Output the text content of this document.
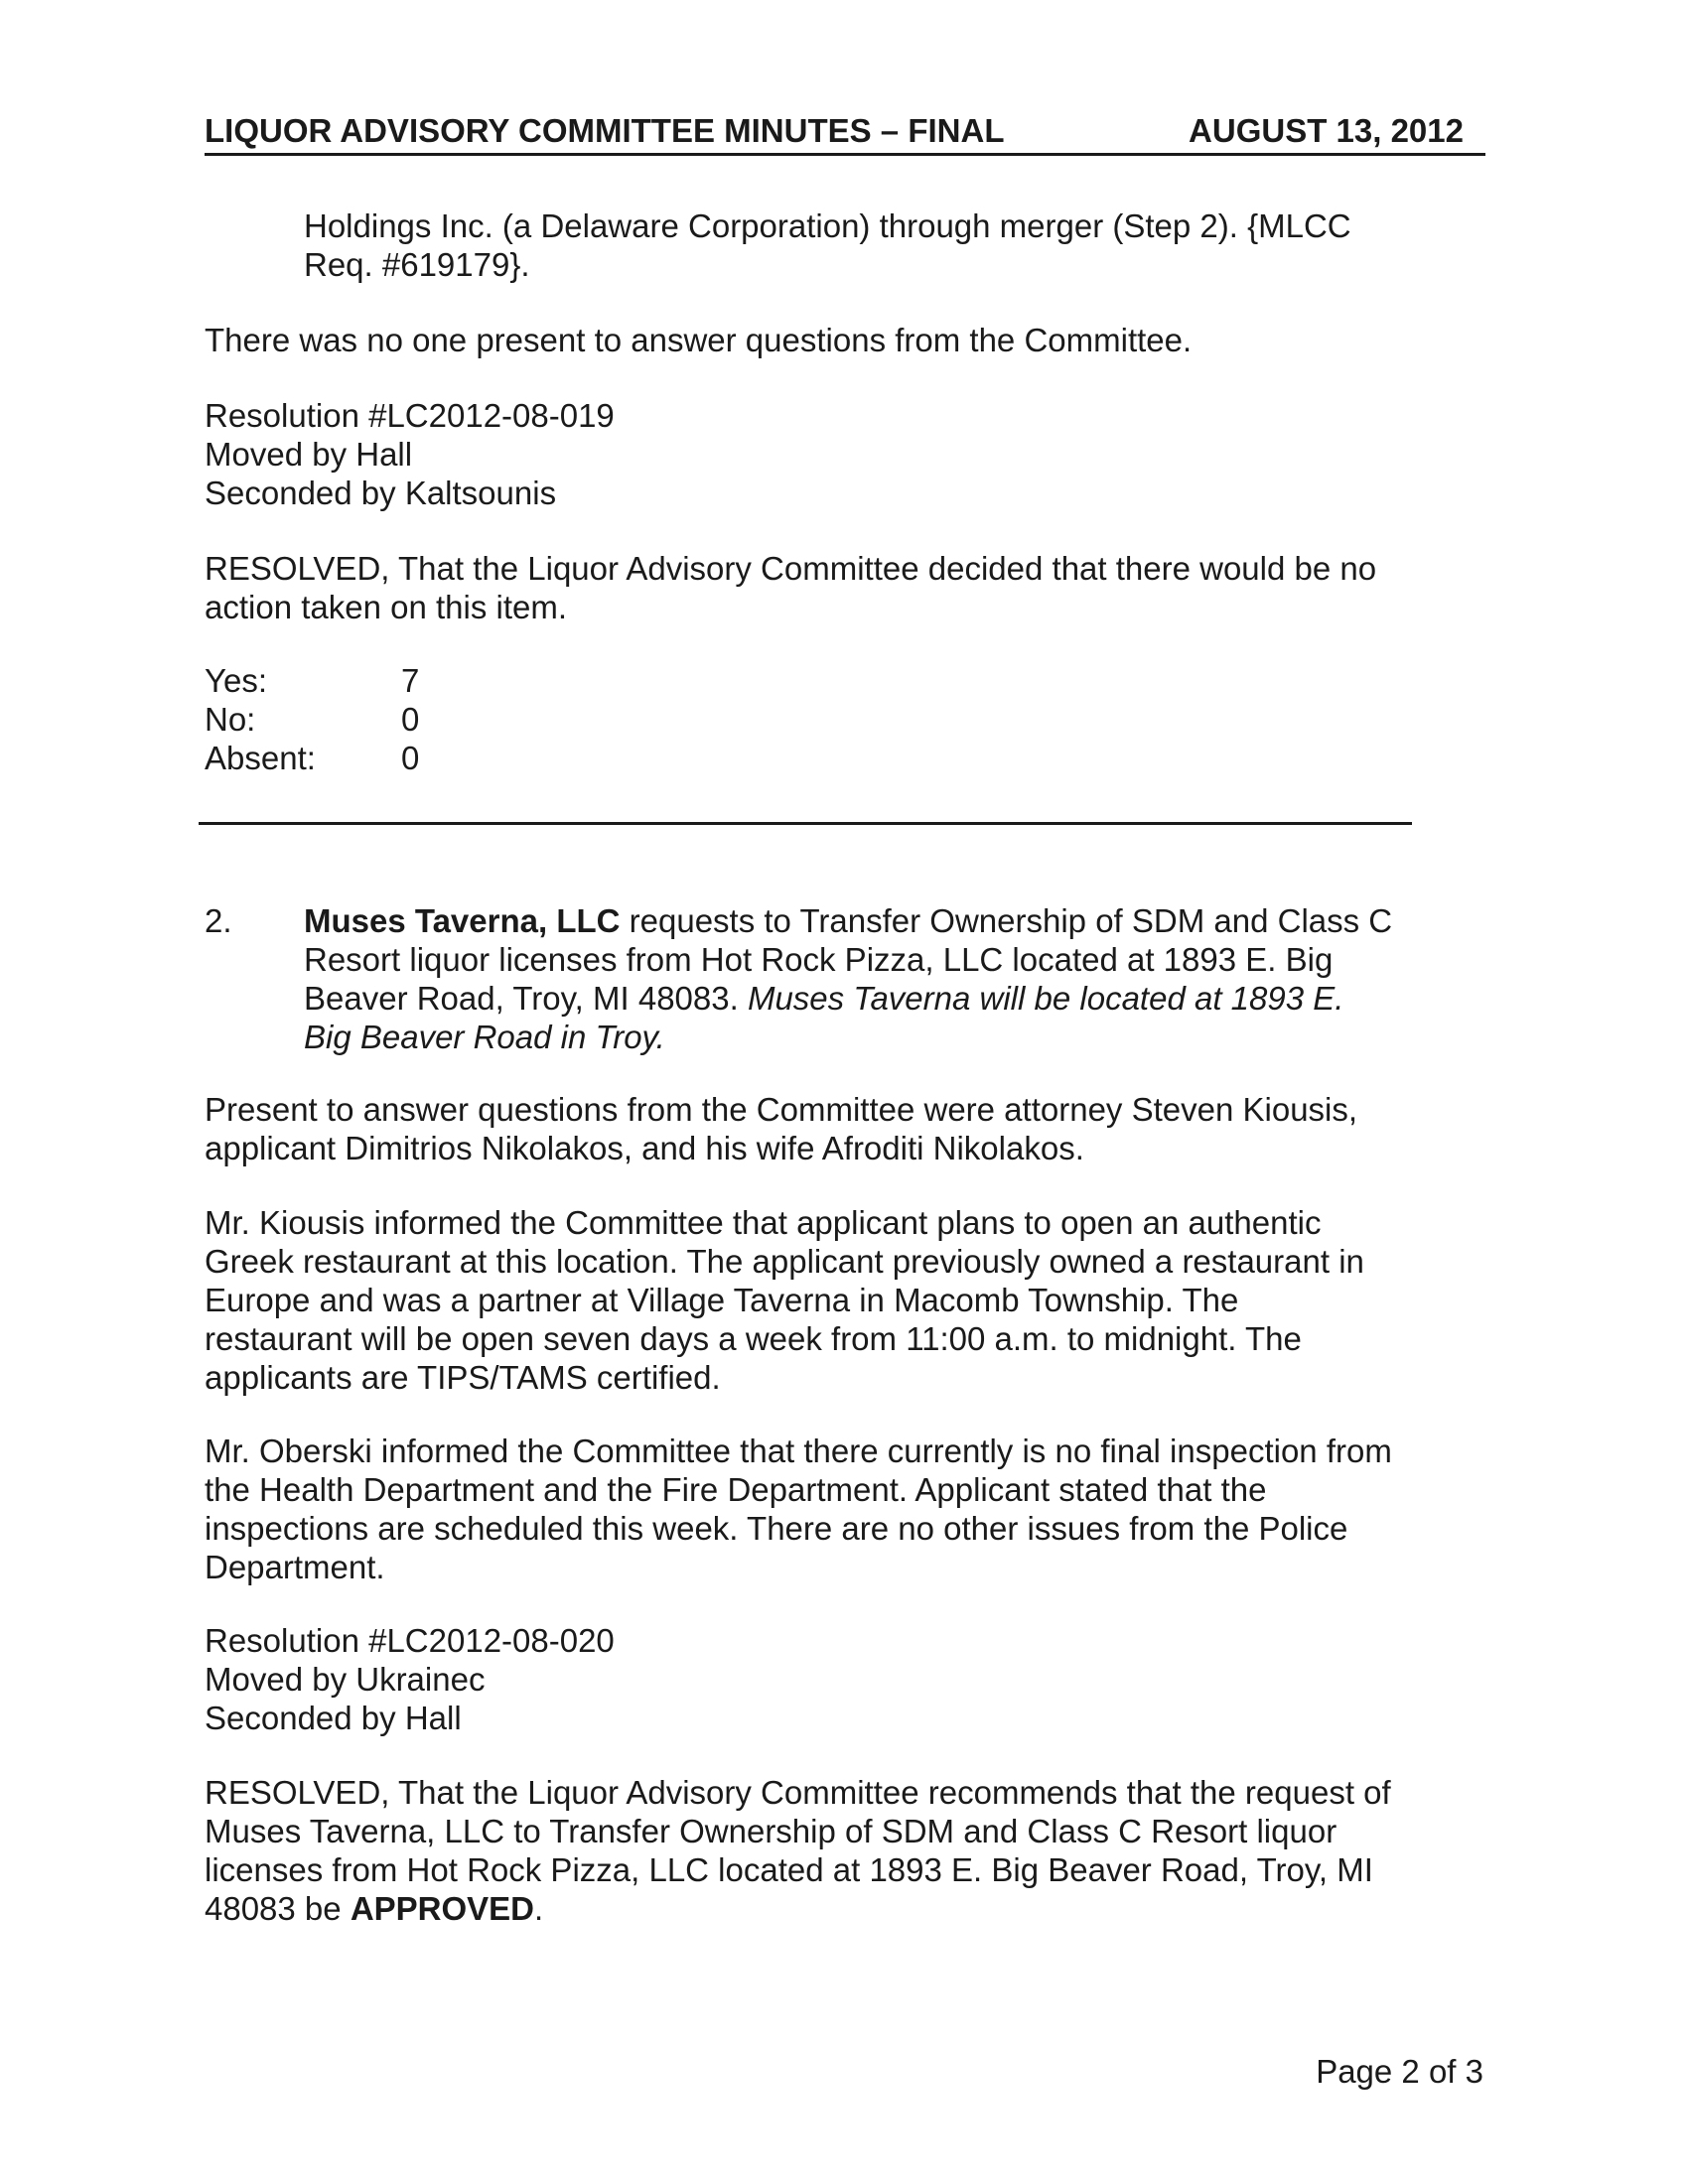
LIQUOR ADVISORY COMMITTEE MINUTES – FINAL	AUGUST 13, 2012

Holdings Inc. (a Delaware Corporation) through merger (Step 2). {MLCC
Req. #619179}.

There was no one present to answer questions from the Committee.

Resolution #LC2012-08-019
Moved by Hall
Seconded by Kaltsounis

RESOLVED, That the Liquor Advisory Committee decided that there would be no
action taken on this item.

Yes:	7
No:	0
Absent:	0
2. Muses Taverna, LLC requests to Transfer Ownership of SDM and Class C
Resort liquor licenses from Hot Rock Pizza, LLC located at 1893 E. Big
Beaver Road, Troy, MI 48083. Muses Taverna will be located at 1893 E.
Big Beaver Road in Troy.

Present to answer questions from the Committee were attorney Steven Kiousis,
applicant Dimitrios Nikolakos, and his wife Afroditi Nikolakos.

Mr. Kiousis informed the Committee that applicant plans to open an authentic
Greek restaurant at this location. The applicant previously owned a restaurant in
Europe and was a partner at Village Taverna in Macomb Township. The
restaurant will be open seven days a week from 11:00 a.m. to midnight. The
applicants are TIPS/TAMS certified.

Mr. Oberski informed the Committee that there currently is no final inspection from
the Health Department and the Fire Department. Applicant stated that the
inspections are scheduled this week. There are no other issues from the Police
Department.

Resolution #LC2012-08-020
Moved by Ukrainec
Seconded by Hall

RESOLVED, That the Liquor Advisory Committee recommends that the request of
Muses Taverna, LLC to Transfer Ownership of SDM and Class C Resort liquor
licenses from Hot Rock Pizza, LLC located at 1893 E. Big Beaver Road, Troy, MI
48083 be APPROVED.

Page 2 of 3
